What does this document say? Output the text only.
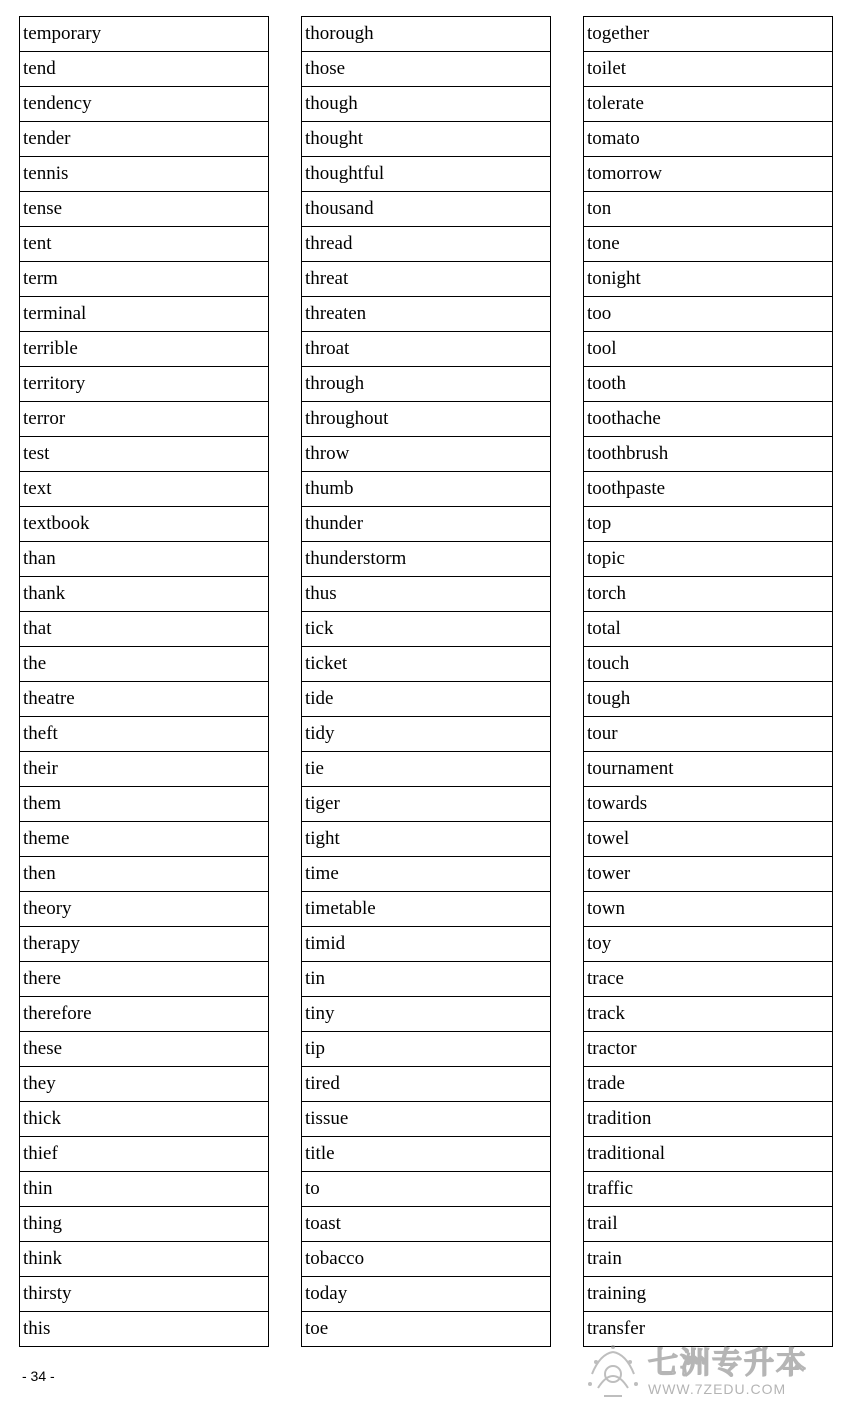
temporary
tend
tendency
tender
tennis
tense
tent
term
terminal
terrible
territory
terror
test
text
textbook
than
thank
that
the
theatre
theft
their
them
theme
then
theory
therapy
there
therefore
these
they
thick
thief
thin
thing
think
thirsty
this
thorough
those
though
thought
thoughtful
thousand
thread
threat
threaten
throat
through
throughout
throw
thumb
thunder
thunderstorm
thus
tick
ticket
tide
tidy
tie
tiger
tight
time
timetable
timid
tin
tiny
tip
tired
tissue
title
to
toast
tobacco
today
toe
together
toilet
tolerate
tomato
tomorrow
ton
tone
tonight
too
tool
tooth
toothache
toothbrush
toothpaste
top
topic
torch
total
touch
tough
tour
tournament
towards
towel
tower
town
toy
trace
track
tractor
trade
tradition
traditional
traffic
trail
train
training
transfer
- 34 -	七洲专升本
WWW.7ZEDU.COM
